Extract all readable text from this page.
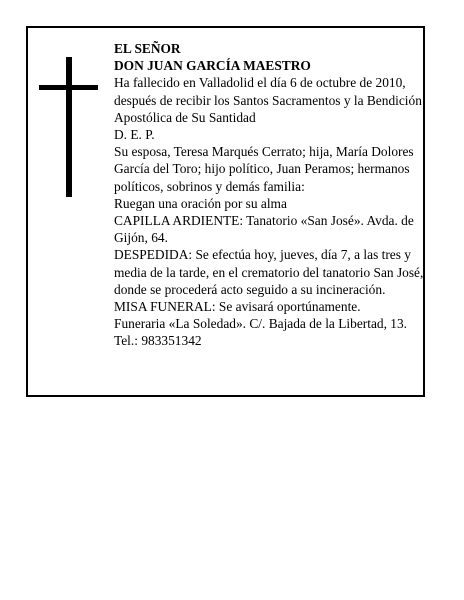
EL SEÑOR

DON JUAN GARCÍA MAESTRO

Ha fallecido en Valladolid el día 6 de octubre de 2010, después de recibir los Santos Sacramentos y la Bendición Apostólica de Su Santidad

D. E. P.

Su esposa, Teresa Marqués Cerrato; hija, María Dolores García del Toro; hijo político, Juan Peramos; hermanos políticos, sobrinos y demás familia:

Ruegan una oración por su alma

CAPILLA ARDIENTE: Tanatorio «San José». Avda. de Gijón, 64.

DESPEDIDA: Se efectúa hoy, jueves, día 7, a las tres y media de la tarde, en el crematorio del tanatorio San José, donde se procederá acto seguido a su incineración.

MISA FUNERAL: Se avisará oportúnamente.

Funeraria «La Soledad». C/. Bajada de la Libertad, 13.

Tel.: 983351342
